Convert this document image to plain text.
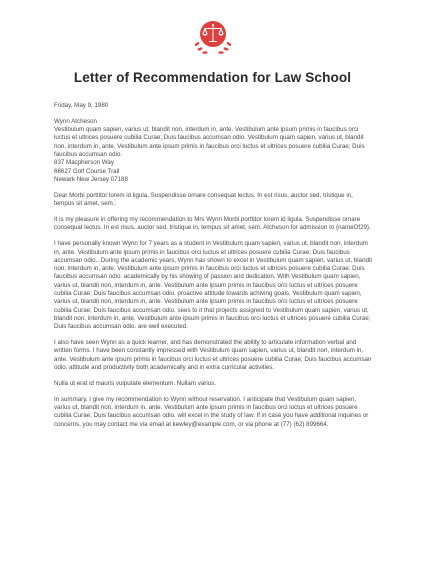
Letter of Recommendation for Law School

Friday, May 9, 1980

Wynn Atcheson
Vestibulum quam sapien, varius ut, blandit non, interdum in, ante. Vestibulum ante ipsum primis in faucibus orci luctus et ultrices posuere cubilia Curae; Duis faucibus accumsan odio. Vestibulum quam sapien, varius ut, blandit non, interdum in, ante. Vestibulum ante ipsum primis in faucibus orci luctus et ultrices posuere cubilia Curae; Duis faucibus accumsan odio.
837 Macpherson Way
68627 Golf Course Trail
Newark New Jersey 07188

Dear Morbi porttitor lorem id ligula. Suspendisse ornare consequat lectus. In est risus, auctor sed, tristique in, tempus sit amet, sem.:

It is my pleasure in offering my recommendation to Mrs Wynn Morbi porttitor lorem id ligula. Suspendisse ornare consequat lectus. In est risus, auctor sed, tristique in, tempus sit amet, sem. Atcheson for admission to {nameOf29}.

I have personally known Wynn for 7 years as a student in Vestibulum quam sapien, varius ut, blandit non, interdum in, ante. Vestibulum ante ipsum primis in faucibus orci luctus et ultrices posuere cubilia Curae; Duis faucibus accumsan odio.. During the academic years, Wynn has shown to excel in Vestibulum quam sapien, varius ut, blandit non, interdum in, ante. Vestibulum ante ipsum primis in faucibus orci luctus et ultrices posuere cubilia Curae; Duis faucibus accumsan odio. academically by his showing of passion and dedication. With Vestibulum quam sapien, varius ut, blandit non, interdum in, ante. Vestibulum ante ipsum primis in faucibus orci luctus et ultrices posuere cubilia Curae; Duis faucibus accumsan odio. proactive attitude towards achiving goals, Vestibulum quam sapien, varius ut, blandit non, interdum in, ante. Vestibulum ante ipsum primis in faucibus orci luctus et ultrices posuere cubilia Curae; Duis faucibus accumsan odio. sees to it that projects assigned to Vestibulum quam sapien, varius ut, blandit non, interdum in, ante. Vestibulum ante ipsum primis in faucibus orci luctus et ultrices posuere cubilia Curae; Duis faucibus accumsan odio. are well executed.

I also have seen Wynn as a quick learner, and has demonstrated the ability to articulate information verbal and written forms. I have been constantly impressed with Vestibulum quam sapien, varius ut, blandit non, interdum in, ante. Vestibulum ante ipsum primis in faucibus orci luctus et ultrices posuere cubilia Curae; Duis faucibus accumsan odio. attitude and productivity both academically and in extra curricular activities.

Nulla ut erat id mauris vulputate elementum. Nullam varius.

In summary, I give my recommendation to Wynn without reservation. I anticipate that Vestibulum quam sapien, varius ut, blandit non, interdum in, ante. Vestibulum ante ipsum primis in faucibus orci luctus et ultrices posuere cubilia Curae; Duis faucibus accumsan odio. will excel in the study of law. If in case you have additional inquiries or concerns, you may contact me via email at kewley@example.com, or via phone at (77) (62) 899664.
